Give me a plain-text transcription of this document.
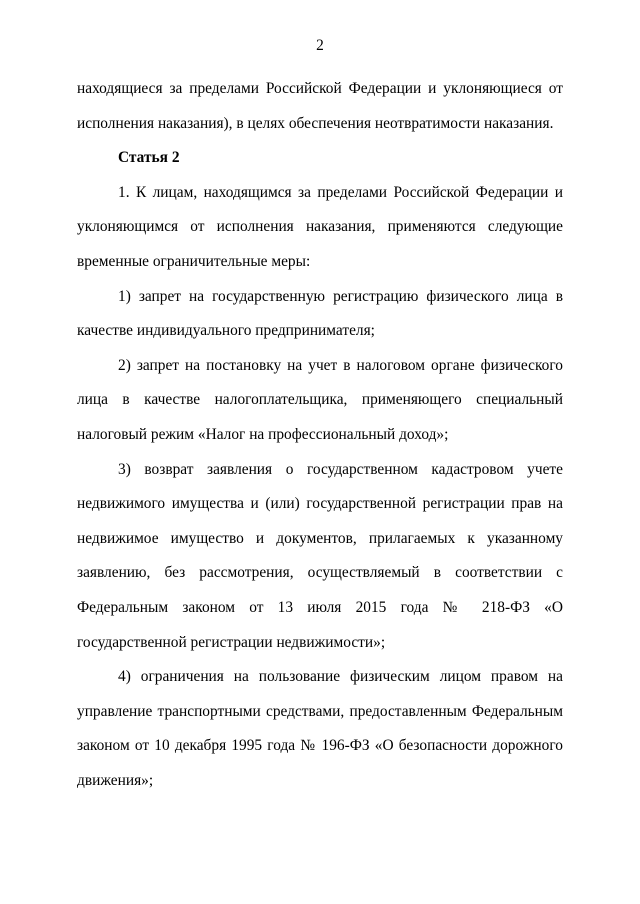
2

находящиеся за пределами Российской Федерации и уклоняющиеся от исполнения наказания), в целях обеспечения неотвратимости наказания.

Статья 2

1. К лицам, находящимся за пределами Российской Федерации и уклоняющимся от исполнения наказания, применяются следующие временные ограничительные меры:

1) запрет на государственную регистрацию физического лица в качестве индивидуального предпринимателя;

2) запрет на постановку на учет в налоговом органе физического лица в качестве налогоплательщика, применяющего специальный налоговый режим «Налог на профессиональный доход»;

3) возврат заявления о государственном кадастровом учете недвижимого имущества и (или) государственной регистрации прав на недвижимое имущество и документов, прилагаемых к указанному заявлению, без рассмотрения, осуществляемый в соответствии с Федеральным законом от 13 июля 2015 года № 218-ФЗ «О государственной регистрации недвижимости»;

4) ограничения на пользование физическим лицом правом на управление транспортными средствами, предоставленным Федеральным законом от 10 декабря 1995 года № 196-ФЗ «О безопасности дорожного движения»;
